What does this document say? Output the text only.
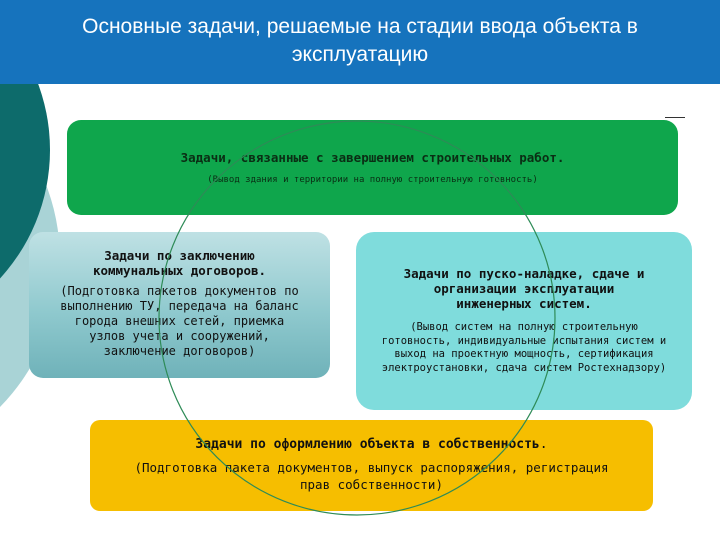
Основные задачи, решаемые на стадии ввода объекта в
эксплуатацию
Задачи, связанные с завершением строительных работ.
(Вывод здания и территории на полную строительную готовность)
Задачи по заключению
коммунальных договоров.
(Подготовка пакетов документов по
выполнению ТУ, передача на баланс
города внешних сетей, приемка
узлов учета и сооружений,
заключение договоров)
Задачи по пуско-наладке, сдаче и
организации эксплуатации
инженерных систем.
(Вывод систем на полную строительную
готовность, индивидуальные испытания систем и
выход на проектную мощность, сертификация
электроустановки, сдача систем Ростехнадзору)
Задачи по оформлению объекта в собственность.
(Подготовка пакета документов, выпуск распоряжения, регистрация
прав собственности)
